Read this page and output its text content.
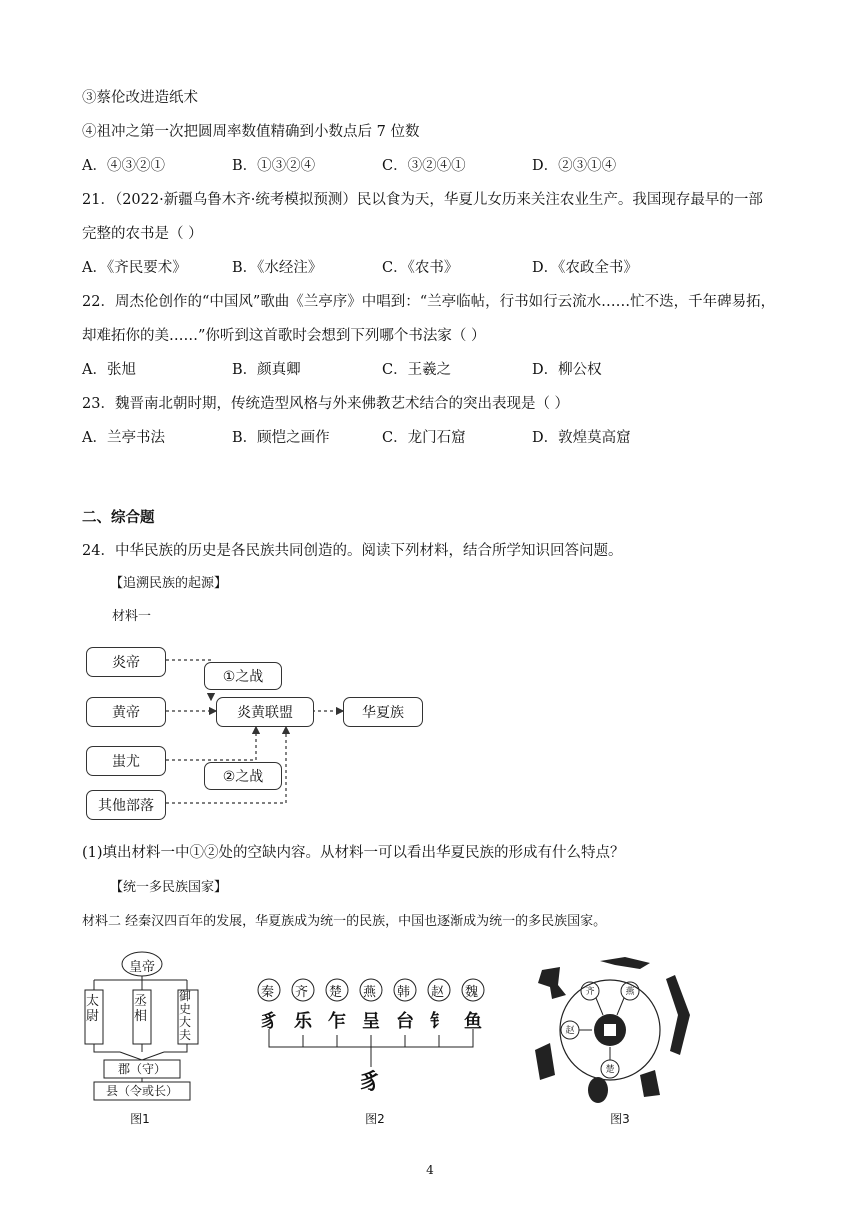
③蔡伦改进造纸术
④祖冲之第一次把圆周率数值精确到小数点后 7 位数
A．④③②①	B．①③②④	C．③②④①	D．②③①④
21．（2022·新疆乌鲁木齐·统考模拟预测）民以食为天，华夏儿女历来关注农业生产。我国现存最早的一部
完整的农书是（ ）
A．《齐民要术》	B．《水经注》	C．《农书》	D．《农政全书》
22．周杰伦创作的“中国风”歌曲《兰亭序》中唱到：“兰亭临帖，行书如行云流水……忙不迭，千年碑易拓，
却难拓你的美……”你听到这首歌时会想到下列哪个书法家（ ）
A．张旭	B．颜真卿	C．王羲之	D．柳公权
23．魏晋南北朝时期，传统造型风格与外来佛教艺术结合的突出表现是（ ）
A．兰亭书法	B．顾恺之画作	C．龙门石窟	D．敦煌莫高窟
二、综合题
24．中华民族的历史是各民族共同创造的。阅读下列材料，结合所学知识回答问题。
【追溯民族的起源】
材料一
炎帝
黄帝
蚩尤
其他部落
①之战
②之战
炎黄联盟	华夏族
(1)填出材料一中①②处的空缺内容。从材料一可以看出华夏民族的形成有什么特点？
【统一多民族国家】
材料二 经秦汉四百年的发展，华夏族成为统一的民族，中国也逐渐成为统一的多民族国家。
皇帝
太尉
丞相
御史大夫
郡（守）
县（令或长）
图1
豸 乐 乍 呈 台 钅 鱼
豸
秦 齐 楚 燕 韩 赵 魏
图2
秦
齐	燕
赵
楚
图3
4
